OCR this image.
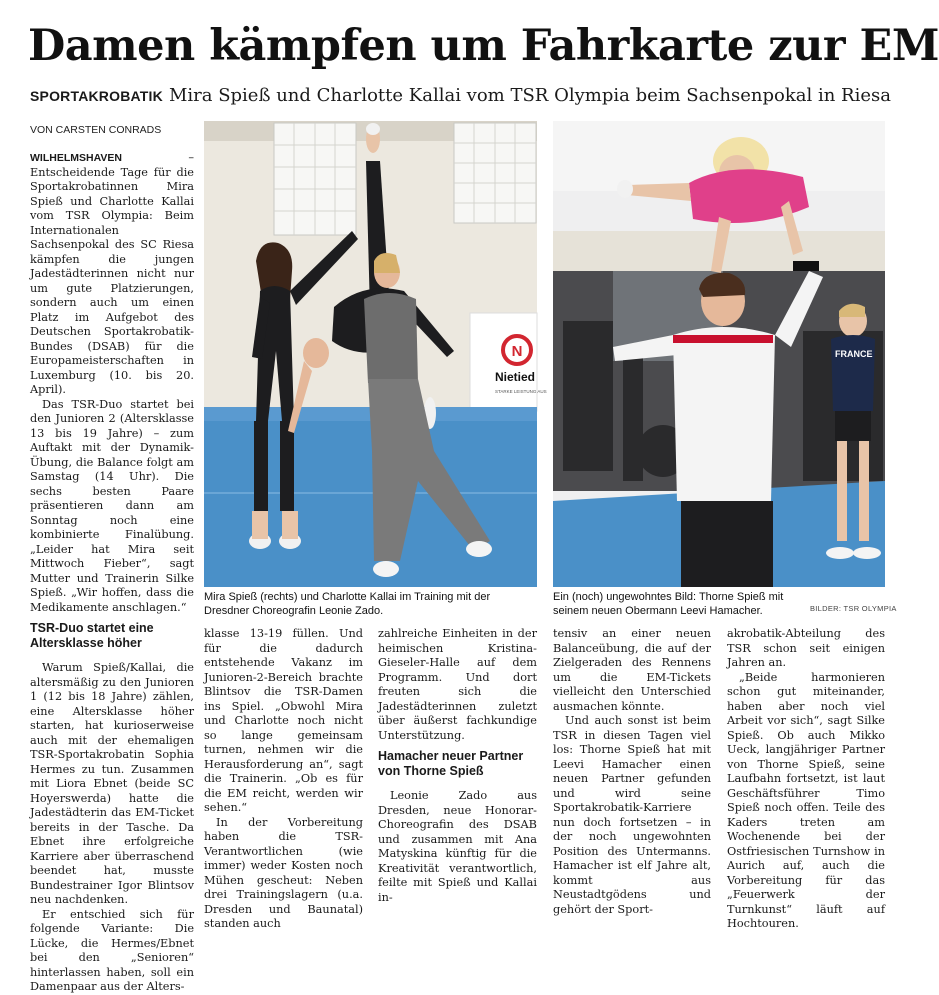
Damen kämpfen um Fahrkarte zur EM
SPORTAKROBATIK Mira Spieß und Charlotte Kallai vom TSR Olympia beim Sachsenpokal in Riesa
VON CARSTEN CONRADS

WILHELMSHAVEN – Entscheidende Tage für die Sportakrobatinnen Mira Spieß und Charlotte Kallai vom TSR Olympia: Beim Internationalen Sachsenpokal des SC Riesa kämpfen die jungen Jadestädterinnen nicht nur um gute Platzierungen, sondern auch um einen Platz im Aufgebot des Deutschen Sportakrobatik-Bundes (DSAB) für die Europameisterschaften in Luxemburg (10. bis 20. April).

Das TSR-Duo startet bei den Junioren 2 (Altersklasse 13 bis 19 Jahre) – zum Auftakt mit der Dynamik-Übung, die Balance folgt am Samstag (14 Uhr). Die sechs besten Paare präsentieren dann am Sonntag noch eine kombinierte Finalübung. „Leider hat Mira seit Mittwoch Fieber“, sagt Mutter und Trainerin Silke Spieß. „Wir hoffen, dass die Medikamente anschlagen.“

TSR-Duo startet eine Altersklasse höher

Warum Spieß/Kallai, die altersmäßig zu den Junioren 1 (12 bis 18 Jahre) zählen, eine Altersklasse höher starten, hat kurioserweise auch mit der ehemaligen TSR-Sportakrobatin Sophia Hermes zu tun. Zusammen mit Liora Ebnet (beide SC Hoyerswerda) hatte die Jadestädterin das EM-Ticket bereits in der Tasche. Da Ebnet ihre erfolgreiche Karriere aber überraschend beendet hat, musste Bundestrainer Igor Blintsov neu nachdenken.

Er entschied sich für folgende Variante: Die Lücke, die Hermes/Ebnet bei den „Senioren“ hinterlassen haben, soll ein Damenpaar aus der Alters-

N
Nietied
STARKE LEISTUNG AUS
Mira Spieß (rechts) und Charlotte Kallai im Training mit der Dresdner Choreografin Leonie Zado.
FRANCE
Ein (noch) ungewohntes Bild: Thorne Spieß mit seinem neuen Obermann Leevi Hamacher.	BILDER: TSR OLYMPIA

klasse 13-19 füllen. Und für die dadurch entstehende Vakanz im Junioren-2-Bereich brachte Blintsov die TSR-Damen ins Spiel. „Obwohl Mira und Charlotte noch nicht so lange gemeinsam turnen, nehmen wir die Herausforderung an“, sagt die Trainerin. „Ob es für die EM reicht, werden wir sehen.“

In der Vorbereitung haben die TSR-Verantwortlichen (wie immer) weder Kosten noch Mühen gescheut: Neben drei Trainingslagern (u.a. Dresden und Baunatal) standen auch

zahlreiche Einheiten in der heimischen Kristina-Gieseler-Halle auf dem Programm. Und dort freuten sich die Jadestädterinnen zuletzt über äußerst fachkundige Unterstützung.

Hamacher neuer Partner von Thorne Spieß

Leonie Zado aus Dresden, neue Honorar-Choreografin des DSAB und zusammen mit Ana Matyskina künftig für die Kreativität verantwortlich, feilte mit Spieß und Kallai in-

tensiv an einer neuen Balanceübung, die auf der Zielgeraden des Rennens um die EM-Tickets vielleicht den Unterschied ausmachen könnte.

Und auch sonst ist beim TSR in diesen Tagen viel los: Thorne Spieß hat mit Leevi Hamacher einen neuen Partner gefunden und wird seine Sportakrobatik-Karriere nun doch fortsetzen – in der noch ungewohnten Position des Untermanns. Hamacher ist elf Jahre alt, kommt aus Neustadtgödens und gehört der Sport-

akrobatik-Abteilung des TSR schon seit einigen Jahren an.

„Beide harmonieren schon gut miteinander, haben aber noch viel Arbeit vor sich“, sagt Silke Spieß. Ob auch Mikko Ueck, langjähriger Partner von Thorne Spieß, seine Laufbahn fortsetzt, ist laut Geschäftsführer Timo Spieß noch offen. Teile des Kaders treten am Wochenende bei der Ostfriesischen Turnshow in Aurich auf, auch die Vorbereitung für das „Feuerwerk der Turnkunst“ läuft auf Hochtouren.
